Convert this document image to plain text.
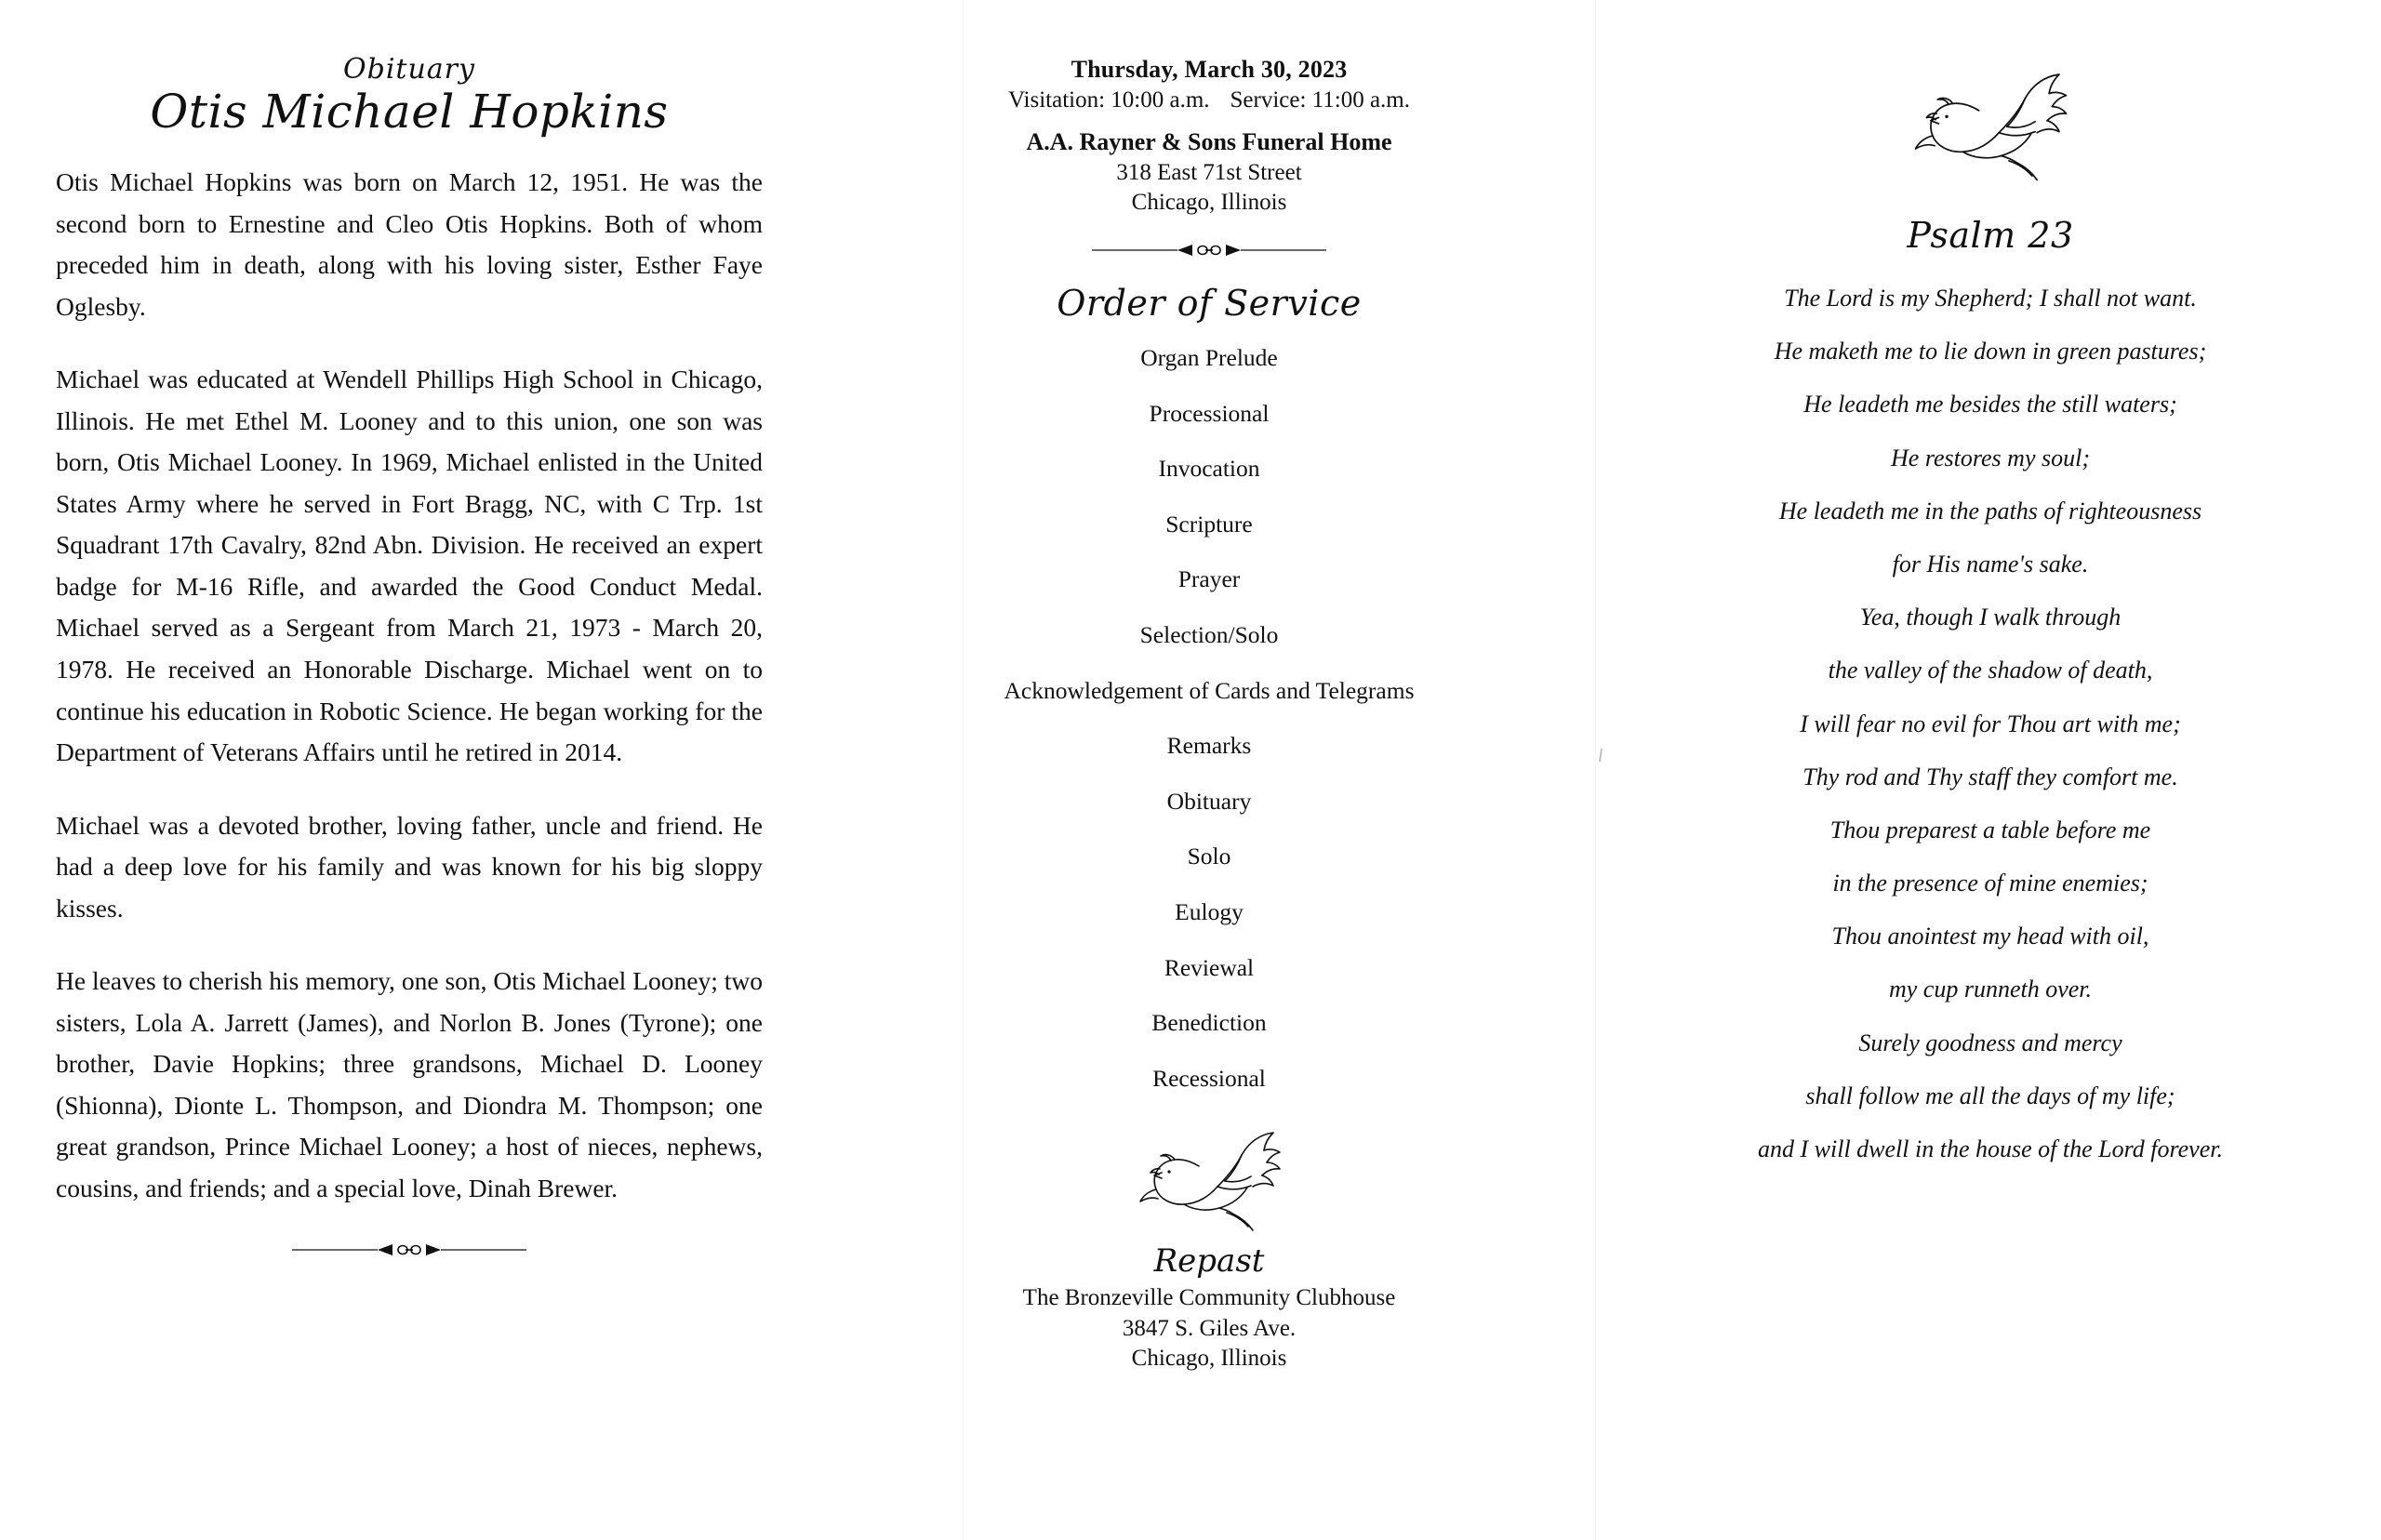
Obituary
Otis Michael Hopkins

Otis Michael Hopkins was born on March 12, 1951. He was the second born to Ernestine and Cleo Otis Hopkins. Both of whom preceded him in death, along with his loving sister, Esther Faye Oglesby.

Michael was educated at Wendell Phillips High School in Chicago, Illinois. He met Ethel M. Looney and to this union, one son was born, Otis Michael Looney. In 1969, Michael enlisted in the United States Army where he served in Fort Bragg, NC, with C Trp. 1st Squadrant 17th Cavalry, 82nd Abn. Division. He received an expert badge for M-16 Rifle, and awarded the Good Conduct Medal. Michael served as a Sergeant from March 21, 1973 - March 20, 1978. He received an Honorable Discharge. Michael went on to continue his education in Robotic Science. He began working for the Department of Veterans Affairs until he retired in 2014.

Michael was a devoted brother, loving father, uncle and friend. He had a deep love for his family and was known for his big sloppy kisses.

He leaves to cherish his memory, one son, Otis Michael Looney; two sisters, Lola A. Jarrett (James), and Norlon B. Jones (Tyrone); one brother, Davie Hopkins; three grandsons, Michael D. Looney (Shionna), Dionte L. Thompson, and Diondra M. Thompson; one great grandson, Prince Michael Looney; a host of nieces, nephews, cousins, and friends; and a special love, Dinah Brewer.

Thursday, March 30, 2023
Visitation: 10:00 a.m. Service: 11:00 a.m.
A.A. Rayner & Sons Funeral Home
318 East 71st Street
Chicago, Illinois
Order of Service
Organ Prelude
Processional
Invocation
Scripture
Prayer
Selection/Solo
Acknowledgement of Cards and Telegrams
Remarks
Obituary
Solo
Eulogy
Reviewal
Benediction
Recessional
Repast
The Bronzeville Community Clubhouse
3847 S. Giles Ave.
Chicago, Illinois
Psalm 23
The Lord is my Shepherd; I shall not want.
He maketh me to lie down in green pastures;
He leadeth me besides the still waters;
He restores my soul;
He leadeth me in the paths of righteousness
for His name's sake.
Yea, though I walk through
the valley of the shadow of death,
I will fear no evil for Thou art with me;
Thy rod and Thy staff they comfort me.
Thou preparest a table before me
in the presence of mine enemies;
Thou anointest my head with oil,
my cup runneth over.
Surely goodness and mercy
shall follow me all the days of my life;
and I will dwell in the house of the Lord forever.
